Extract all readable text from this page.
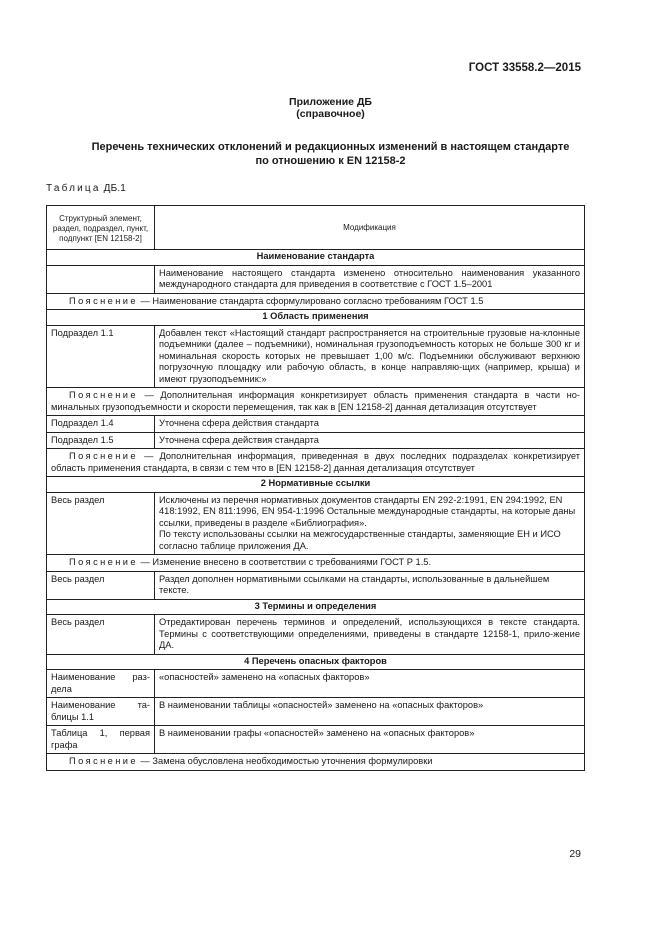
ГОСТ 33558.2—2015
Приложение ДБ
(справочное)
Перечень технических отклонений и редакционных изменений в настоящем стандарте
по отношению к EN 12158-2
Таблица ДБ.1
Структурный элемент, раздел, подраздел, пункт, подпункт [EN 12158-2]	Модификация
Наименование стандарта	
	Наименование настоящего стандарта изменено относительно наименования указанного международного стандарта для приведения в соответствие с ГОСТ 1.5–2001
Пояснение — Наименование стандарта сформулировано согласно требованиям ГОСТ 1.5	
1 Область применения	
Подраздел 1.1	Добавлен текст «Настоящий стандарт распространяется на строительные грузовые на-клонные подъемники (далее – подъемники), номинальная грузоподъемность которых не больше 300 кг и номинальная скорость которых не превышает 1,00 м/с. Подъемники обслуживают верхнюю погрузочную площадку или рабочую область, в конце направляю-щих (например, крыша) и имеют грузоподъемник:»
Пояснение — Дополнительная информация конкретизирует область применения стандарта в части но-минальных грузоподъемности и скорости перемещения, так как в [EN 12158-2] данная детализация отсутствует	
Подраздел 1.4	Уточнена сфера действия стандарта
Подраздел 1.5	Уточнена сфера действия стандарта
Пояснение — Дополнительная информация, приведенная в двух последних подразделах конкретизирует область применения стандарта, в связи с тем что в [EN 12158-2] данная детализация отсутствует	
2 Нормативные ссылки	
Весь раздел	Исключены из перечня нормативных документов стандарты EN 292-2:1991, EN 294:1992, EN 418:1992, EN 811:1996, EN 954-1:1996 Остальные международные стандарты, на которые даны ссылки, приведены в разделе «Библиография».
По тексту использованы ссылки на межгосударственные стандарты, заменяющие ЕН и ИСО согласно таблице приложения ДА.

Пояснение — Изменение внесено в соответствии с требованиями ГОСТ Р 1.5.	
Весь раздел	Раздел дополнен нормативными ссылками на стандарты, использованные в дальнейшем тексте.
3 Термины и определения	
Весь раздел	Отредактирован перечень терминов и определений, использующихся в тексте стандарта. Термины с соответствующими определениями, приведены в стандарте 12158-1, прило-жение ДА.
4 Перечень опасных факторов	
Наименование раз-дела	«опасностей» заменено на «опасных факторов»
Наименование та-блицы 1.1	В наименовании таблицы «опасностей» заменено на «опасных факторов»
Таблица 1, первая графа	В наименовании графы «опасностей» заменено на «опасных факторов»
Пояснение — Замена обусловлена необходимостью уточнения формулировки	
29
